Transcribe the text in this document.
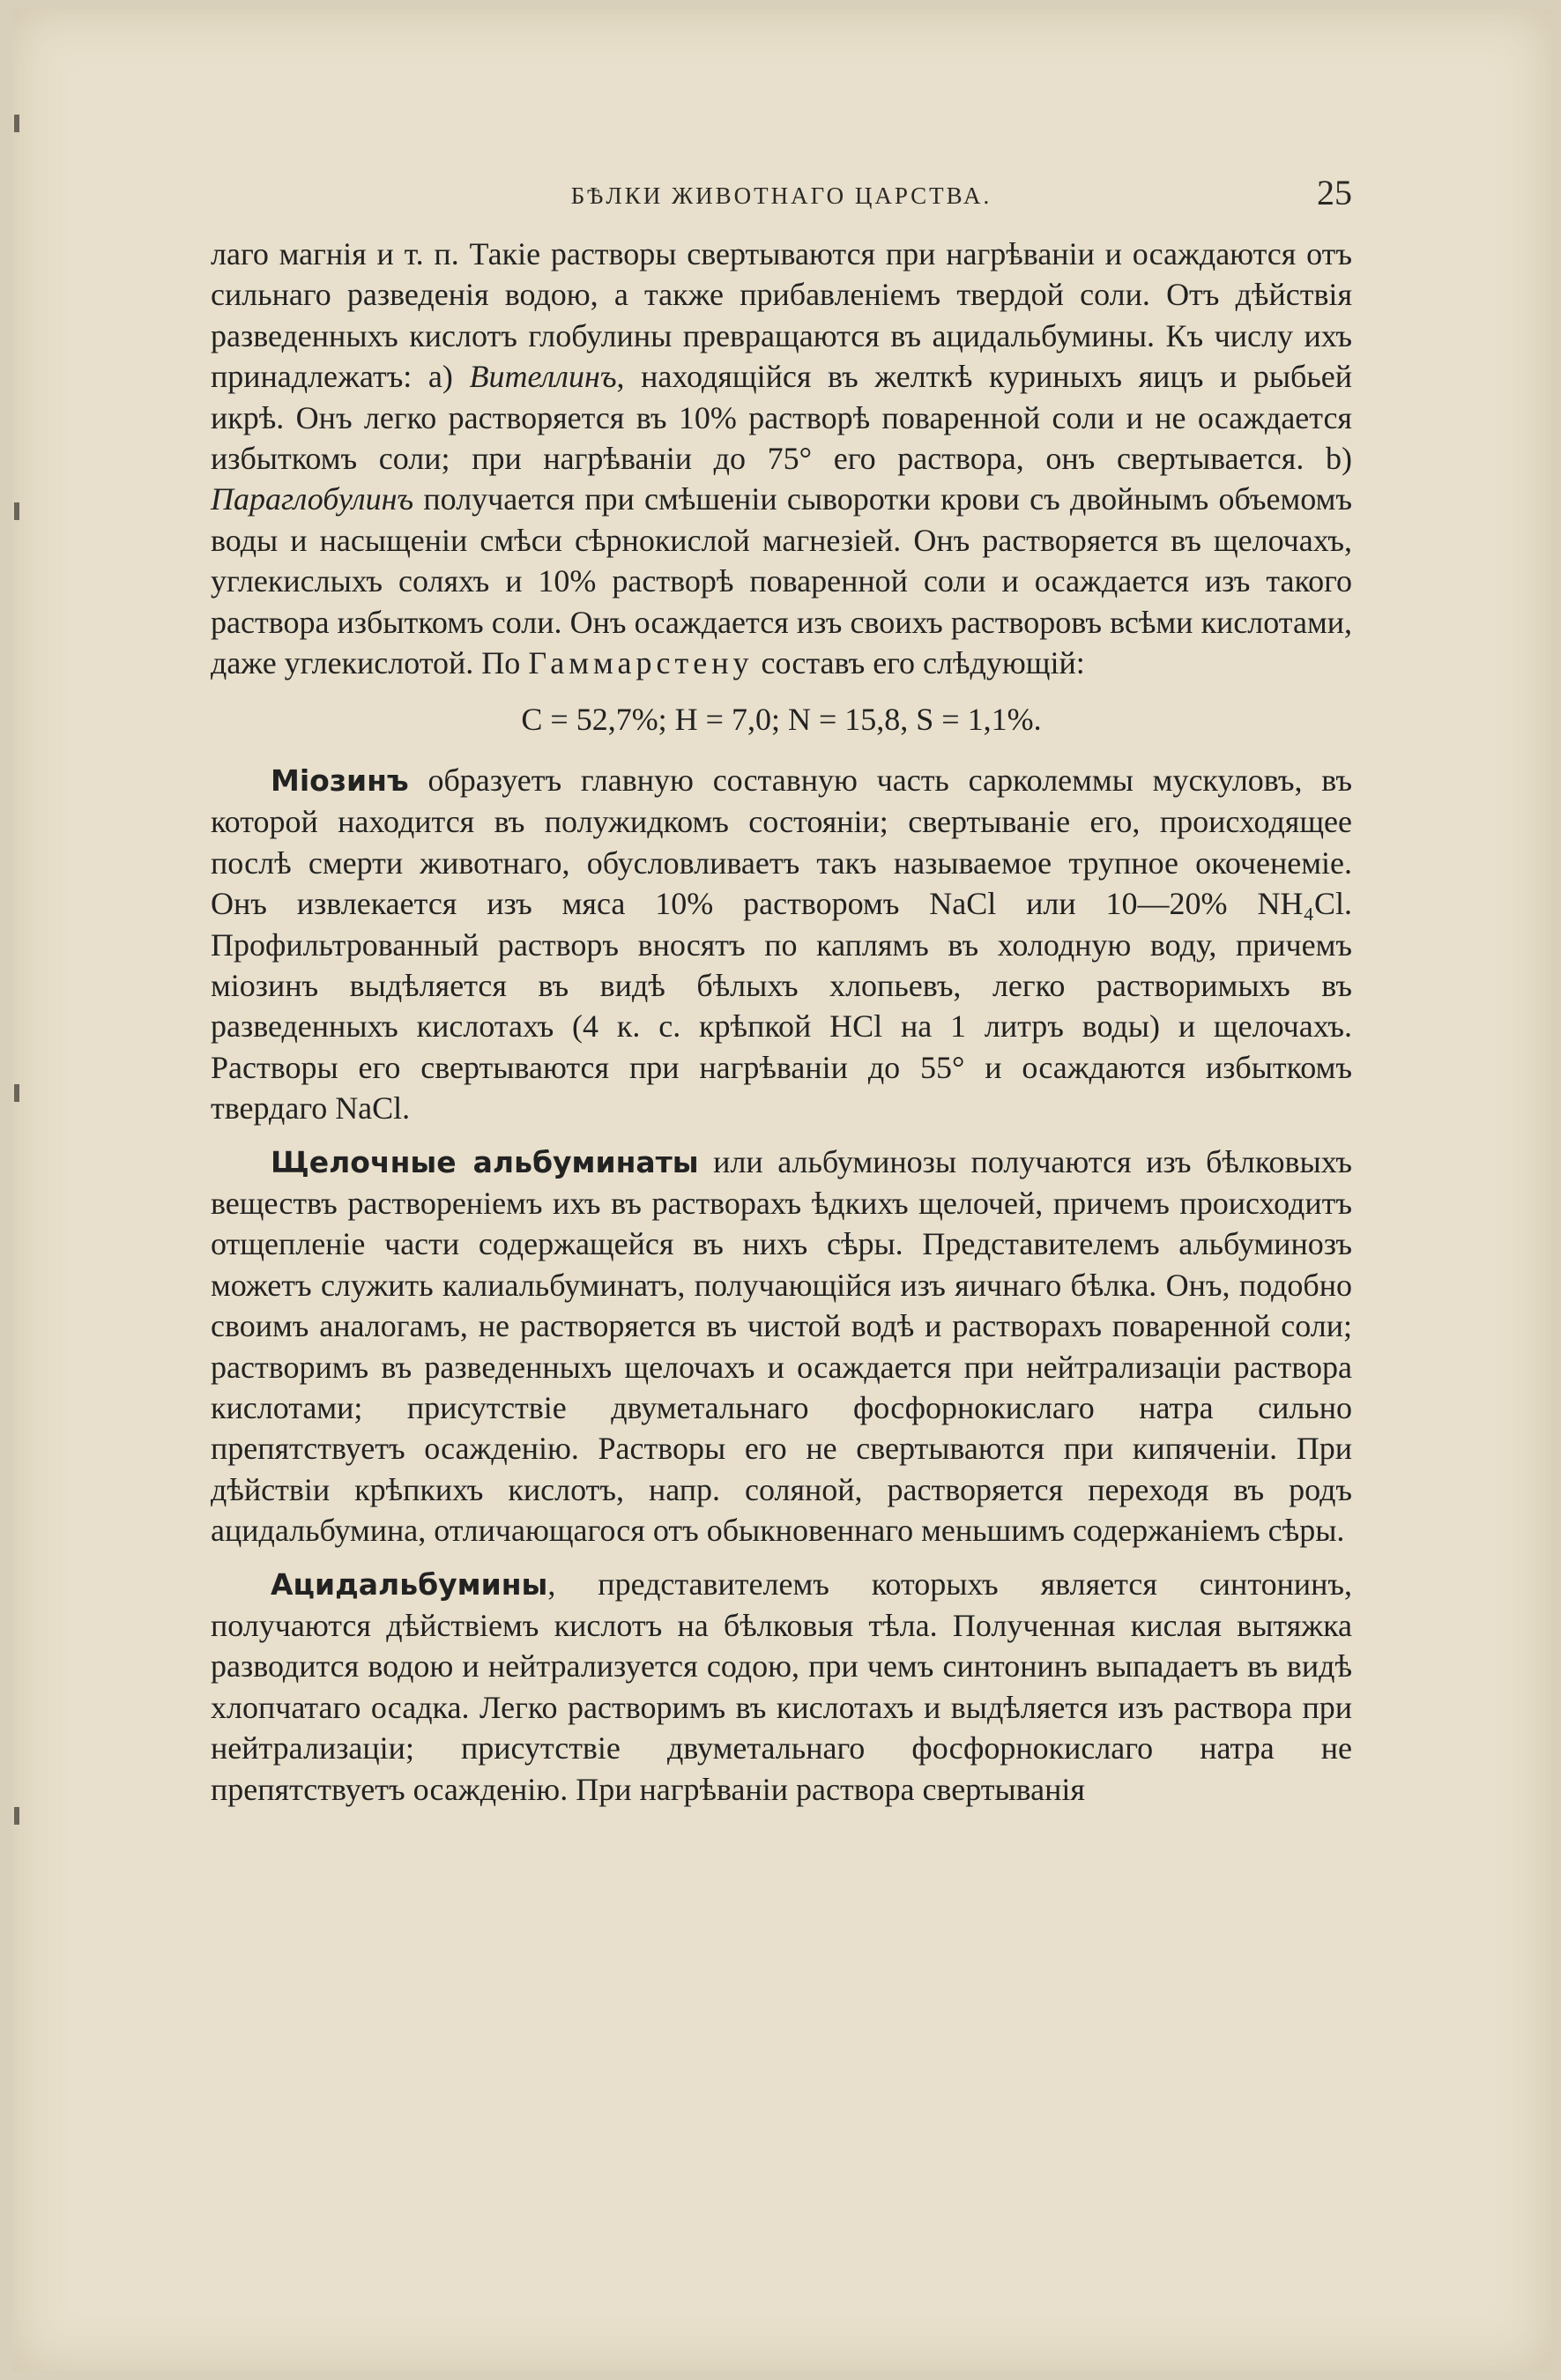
БѢЛКИ ЖИВОТНАГО ЦАРСТВА.	25

лаго магнія и т. п. Такіе растворы свертываются при нагрѣваніи и осаждаются отъ сильнаго разведенія водою, а также прибавленіемъ твердой соли. Отъ дѣйствія разведенныхъ кислотъ глобулины превращаются въ ацидальбумины. Къ числу ихъ принадлежатъ: a) Вителлинъ, находящійся въ желткѣ куриныхъ яицъ и рыбьей икрѣ. Онъ легко растворяется въ 10% растворѣ поваренной соли и не осаждается избыткомъ соли; при нагрѣваніи до 75° его раствора, онъ свертывается. b) Параглобулинъ получается при смѣшеніи сыворотки крови съ двойнымъ объемомъ воды и насыщеніи смѣси сѣрнокислой магнезіей. Онъ растворяется въ щелочахъ, углекислыхъ соляхъ и 10% растворѣ поваренной соли и осаждается изъ такого раствора избыткомъ соли. Онъ осаждается изъ своихъ растворовъ всѣми кислотами, даже углекислотой. По Гаммарстену составъ его слѣдующій:

C = 52,7%; H = 7,0; N = 15,8, S = 1,1%.

Міозинъ образуетъ главную составную часть сарколеммы мускуловъ, въ которой находится въ полужидкомъ состояніи; свертываніе его, происходящее послѣ смерти животнаго, обусловливаетъ такъ называемое трупное окоченеміе. Онъ извлекается изъ мяса 10% растворомъ NaCl или 10—20% NH₄Cl. Профильтрованный растворъ вносятъ по каплямъ въ холодную воду, причемъ міозинъ выдѣляется въ видѣ бѣлыхъ хлопьевъ, легко растворимыхъ въ разведенныхъ кислотахъ (4 к. с. крѣпкой HCl на 1 литръ воды) и щелочахъ. Растворы его свертываются при нагрѣваніи до 55° и осаждаются избыткомъ твердаго NaCl.

Щелочные альбуминаты или альбуминозы получаются изъ бѣлковыхъ веществъ раствореніемъ ихъ въ растворахъ ѣдкихъ щелочей, причемъ происходитъ отщепленіе части содержащейся въ нихъ сѣры. Представителемъ альбуминозъ можетъ служить калиальбуминатъ, получающійся изъ яичнаго бѣлка. Онъ, подобно своимъ аналогамъ, не растворяется въ чистой водѣ и растворахъ поваренной соли; растворимъ въ разведенныхъ щелочахъ и осаждается при нейтрализаціи раствора кислотами; присутствіе двуметальнаго фосфорнокислаго натра сильно препятствуетъ осажденію. Растворы его не свертываются при кипяченіи. При дѣйствіи крѣпкихъ кислотъ, напр. соляной, растворяется переходя въ родъ ацидальбумина, отличающагося отъ обыкновеннаго меньшимъ содержаніемъ сѣры.

Ацидальбумины, представителемъ которыхъ является синтонинъ, получаются дѣйствіемъ кислотъ на бѣлковыя тѣла. Полученная кислая вытяжка разводится водою и нейтрализуется содою, при чемъ синтонинъ выпадаетъ въ видѣ хлопчатаго осадка. Легко растворимъ въ кислотахъ и выдѣляется изъ раствора при нейтрализаціи; присутствіе двуметальнаго фосфорнокислаго натра не препятствуетъ осажденію. При нагрѣваніи раствора свертыванія
